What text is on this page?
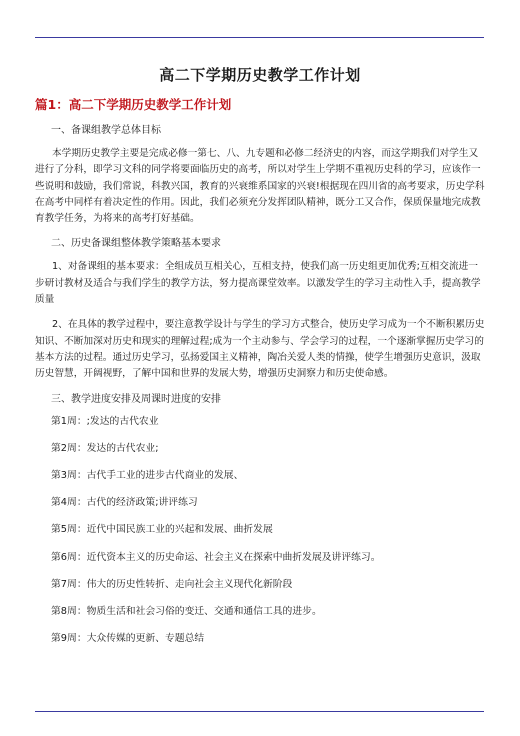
高二下学期历史教学工作计划
篇1：高二下学期历史教学工作计划
一、备课组教学总体目标

本学期历史教学主要是完成必修一第七、八、九专题和必修二经济史的内容，而这学期我们对学生又进行了分科，即学习文科的同学将要面临历史的高考，所以对学生上学期不重视历史科的学习，应该作一些说明和鼓励，我们常说，科教兴国，教育的兴衰维系国家的兴衰!根据现在四川省的高考要求，历史学科在高考中同样有着决定性的作用。因此，我们必须充分发挥团队精神，既分工又合作，保质保量地完成教育教学任务，为将来的高考打好基础。

二、历史备课组整体教学策略基本要求

1、对备课组的基本要求：全组成员互相关心，互相支持，使我们高一历史组更加优秀;互相交流进一步研讨教材及适合与我们学生的教学方法，努力提高课堂效率。以激发学生的学习主动性入手，提高教学质量

2、在具体的教学过程中，要注意教学设计与学生的学习方式整合，使历史学习成为一个不断积累历史知识、不断加深对历史和现实的理解过程;成为一个主动参与、学会学习的过程，一个逐渐掌握历史学习的基本方法的过程。通过历史学习，弘扬爱国主义精神，陶冶关爱人类的情操，使学生增强历史意识，汲取历史智慧，开阔视野，了解中国和世界的发展大势，增强历史洞察力和历史使命感。

三、教学进度安排及周课时进度的安排
第1周：;发达的古代农业
第2周：发达的古代农业;
第3周：古代手工业的进步古代商业的发展、
第4周：古代的经济政策;讲评练习
第5周：近代中国民族工业的兴起和发展、曲折发展
第6周：近代资本主义的历史命运、社会主义在探索中曲折发展及讲评练习。
第7周：伟大的历史性转折、走向社会主义现代化新阶段
第8周：物质生活和社会习俗的变迁、交通和通信工具的进步。
第9周：大众传媒的更新、专题总结
